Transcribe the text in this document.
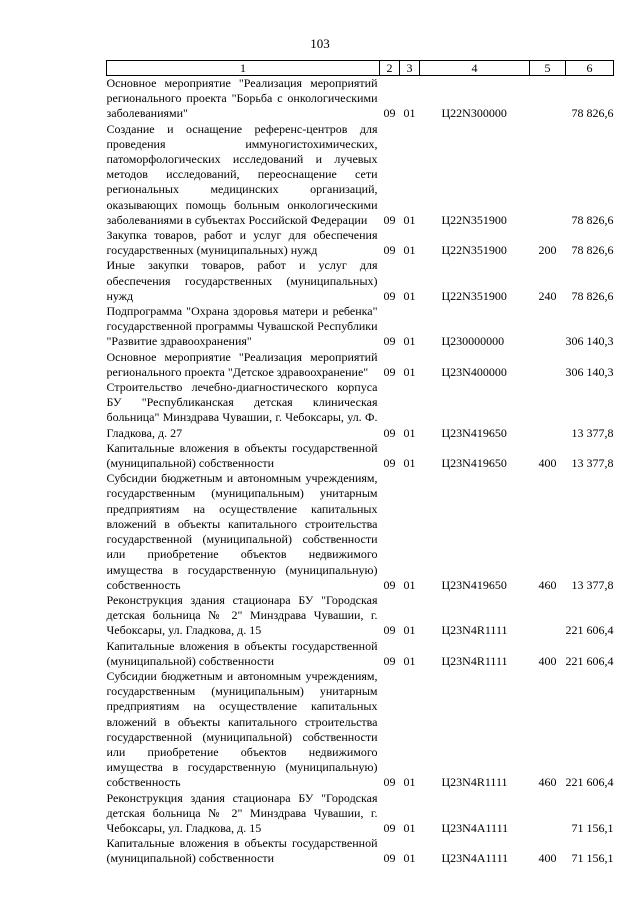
103
1	2	3	4	5	6
Основное мероприятие "Реализация мероприятий регионального проекта "Борьба с онкологическими заболеваниями"	09	01	Ц22N300000		78 826,6
Создание и оснащение референс-центров для проведения иммуногистохимических, патоморфологических исследований и лучевых методов исследований, переоснащение сети региональных медицинских организаций, оказывающих помощь больным онкологическими заболеваниями в субъектах Российской Федерации	09	01	Ц22N351900		78 826,6
Закупка товаров, работ и услуг для обеспечения государственных (муниципальных) нужд	09	01	Ц22N351900	200	78 826,6
Иные закупки товаров, работ и услуг для обеспечения государственных (муниципальных) нужд	09	01	Ц22N351900	240	78 826,6
Подпрограмма "Охрана здоровья матери и ребенка" государственной программы Чувашской Республики "Развитие здравоохранения"	09	01	Ц230000000		306 140,3
Основное мероприятие "Реализация мероприятий регионального проекта "Детское здравоохранение"	09	01	Ц23N400000		306 140,3
Строительство лечебно-диагностического корпуса БУ "Республиканская детская клиническая больница" Минздрава Чувашии, г. Чебоксары, ул. Ф. Гладкова, д. 27	09	01	Ц23N419650		13 377,8
Капитальные вложения в объекты государственной (муниципальной) собственности	09	01	Ц23N419650	400	13 377,8
Субсидии бюджетным и автономным учреждениям, государственным (муниципальным) унитарным предприятиям на осуществление капитальных вложений в объекты капитального строительства государственной (муниципальной) собственности или приобретение объектов недвижимого имущества в государственную (муниципальную) собственность	09	01	Ц23N419650	460	13 377,8
Реконструкция здания стационара БУ "Городская детская больница № 2" Минздрава Чувашии, г. Чебоксары, ул. Гладкова, д. 15	09	01	Ц23N4R1111		221 606,4
Капитальные вложения в объекты государственной (муниципальной) собственности	09	01	Ц23N4R1111	400	221 606,4
Субсидии бюджетным и автономным учреждениям, государственным (муниципальным) унитарным предприятиям на осуществление капитальных вложений в объекты капитального строительства государственной (муниципальной) собственности или приобретение объектов недвижимого имущества в государственную (муниципальную) собственность	09	01	Ц23N4R1111	460	221 606,4
Реконструкция здания стационара БУ "Городская детская больница № 2" Минздрава Чувашии, г. Чебоксары, ул. Гладкова, д. 15	09	01	Ц23N4A1111		71 156,1
Капитальные вложения в объекты государственной (муниципальной) собственности	09	01	Ц23N4A1111	400	71 156,1
